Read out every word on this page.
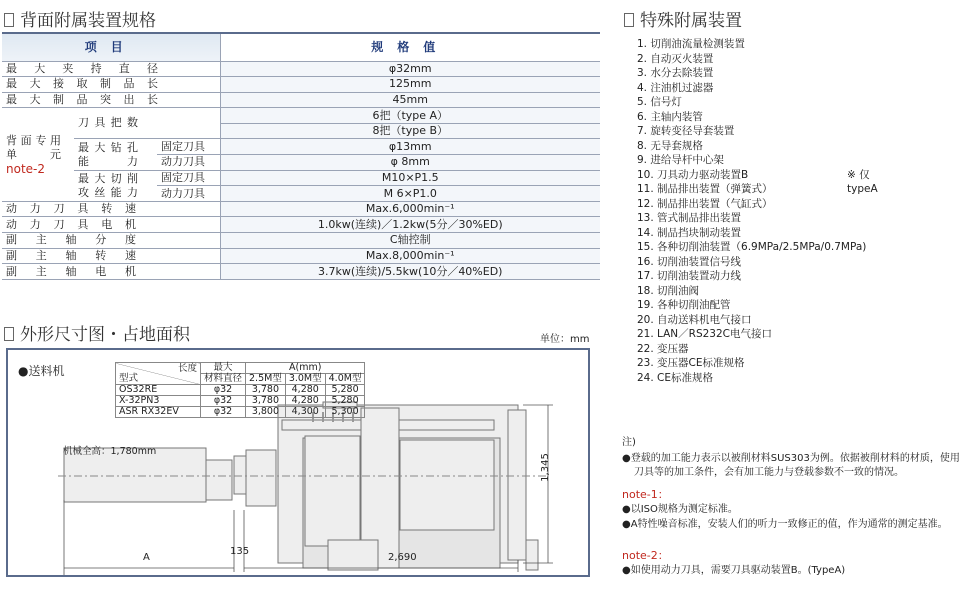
背面附属装置规格
项目			规格值

最大夹持直径			φ32mm

最大接取制品长			125mm

最大制品突出长			45mm

背面专用
单 元
note-2	刀具把数		6把（type A）
			8把（type B）

	最大钻孔
能 力	固定刀具	φ13mm
		动力刀具	φ 8mm

	最大切削
攻丝能力	固定刀具	M10×P1.5
		动力刀具	M 6×P1.0

动力刀具转速			Max.6,000min⁻¹

动力刀具电机			1.0kw(连续)／1.2kw(5分／30%ED)

副主轴分度			C轴控制

副主轴转速			Max.8,000min⁻¹

副主轴电机			3.7kw(连续)/5.5kw(10分／40%ED)
外形尺寸图・占地面积	单位：mm
●送料机
机械全高：1,780mm
A
135
2,690
1,345
长度
型式	最大	A(mm)		
	材料直径	2.5M型	3.0M型	4.0M型
OS32RE	φ32	3,780	4,280	5,280
X-32PN3	φ32	3,780	4,280	5,280
ASR RX32EV	φ32	3,800	4,300	5,300
特殊附属装置
1. 切削油流量检测装置
2. 自动灭火装置
3. 水分去除装置
4. 注油机过滤器
5. 信号灯
6. 主轴内装管
7. 旋转变径导套装置
8. 无导套规格
9. 进给导杆中心架
10. 刀具动力驱动装置B	※ 仅typeA
11. 制品排出装置（弹簧式）
12. 制品排出装置（气缸式）
13. 管式制品排出装置
14. 制品挡块制动装置
15. 各种切削油装置（6.9MPa/2.5MPa/0.7MPa)
16. 切削油装置信号线
17. 切削油装置动力线
18. 切削油阀
19. 各种切削油配管
20. 自动送料机电气接口
21. LAN／RS232C电气接口
22. 变压器
23. 变压器CE标准规格
24. CE标准规格
注)
●登载的加工能力表示以被削材料SUS303为例。依据被削材料的材质，使用
刀具等的加工条件，会有加工能力与登载参数不一致的情况。
note-1：
●以ISO规格为测定标准。
●A特性噪音标准，安装人们的听力一致修正的值，作为通常的测定基准。
note-2：
●如使用动力刀具，需要刀具驱动装置B。(TypeA)
